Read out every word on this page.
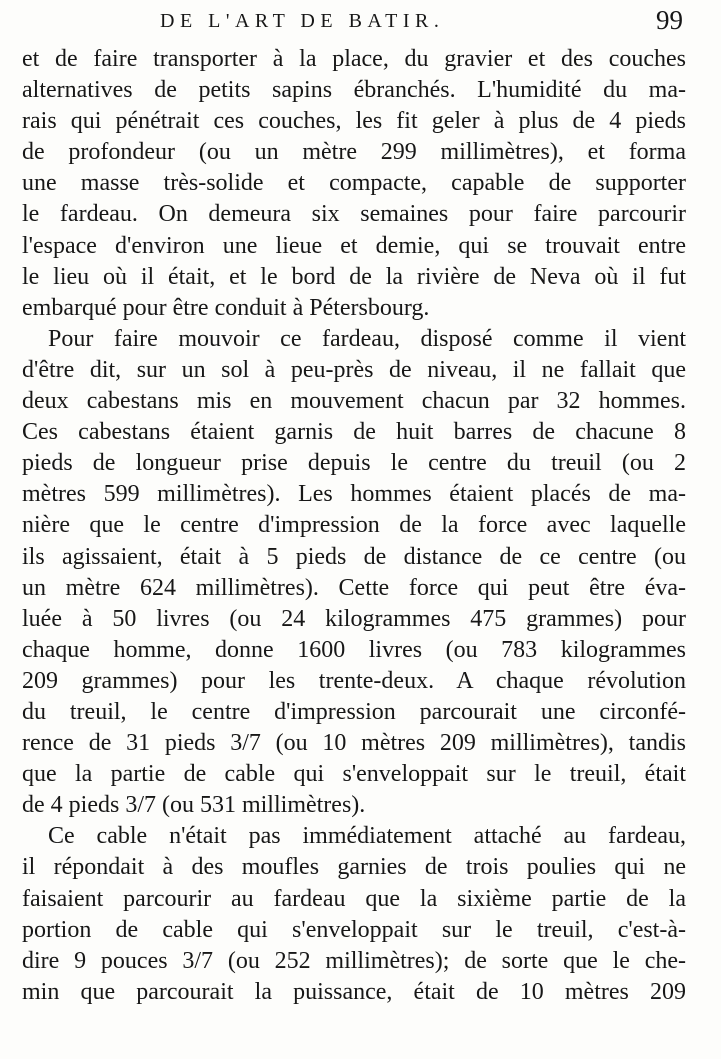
DE L'ART DE BATIR.	99
et de faire transporter à la place, du gravier et des couches
alternatives de petits sapins ébranchés. L'humidité du ma-
rais qui pénétrait ces couches, les fit geler à plus de 4 pieds
de profondeur (ou un mètre 299 millimètres), et forma
une masse très-solide et compacte, capable de supporter
le fardeau. On demeura six semaines pour faire parcourir
l'espace d'environ une lieue et demie, qui se trouvait entre
le lieu où il était, et le bord de la rivière de Neva où il fut
embarqué pour être conduit à Pétersbourg.
Pour faire mouvoir ce fardeau, disposé comme il vient
d'être dit, sur un sol à peu-près de niveau, il ne fallait que
deux cabestans mis en mouvement chacun par 32 hommes.
Ces cabestans étaient garnis de huit barres de chacune 8
pieds de longueur prise depuis le centre du treuil (ou 2
mètres 599 millimètres). Les hommes étaient placés de ma-
nière que le centre d'impression de la force avec laquelle
ils agissaient, était à 5 pieds de distance de ce centre (ou
un mètre 624 millimètres). Cette force qui peut être éva-
luée à 50 livres (ou 24 kilogrammes 475 grammes) pour
chaque homme, donne 1600 livres (ou 783 kilogrammes
209 grammes) pour les trente-deux. A chaque révolution
du treuil, le centre d'impression parcourait une circonfé-
rence de 31 pieds 3/7 (ou 10 mètres 209 millimètres), tandis
que la partie de cable qui s'enveloppait sur le treuil, était
de 4 pieds 3/7 (ou 531 millimètres).
Ce cable n'était pas immédiatement attaché au fardeau,
il répondait à des moufles garnies de trois poulies qui ne
faisaient parcourir au fardeau que la sixième partie de la
portion de cable qui s'enveloppait sur le treuil, c'est-à-
dire 9 pouces 3/7 (ou 252 millimètres); de sorte que le che-
min que parcourait la puissance, était de 10 mètres 209
